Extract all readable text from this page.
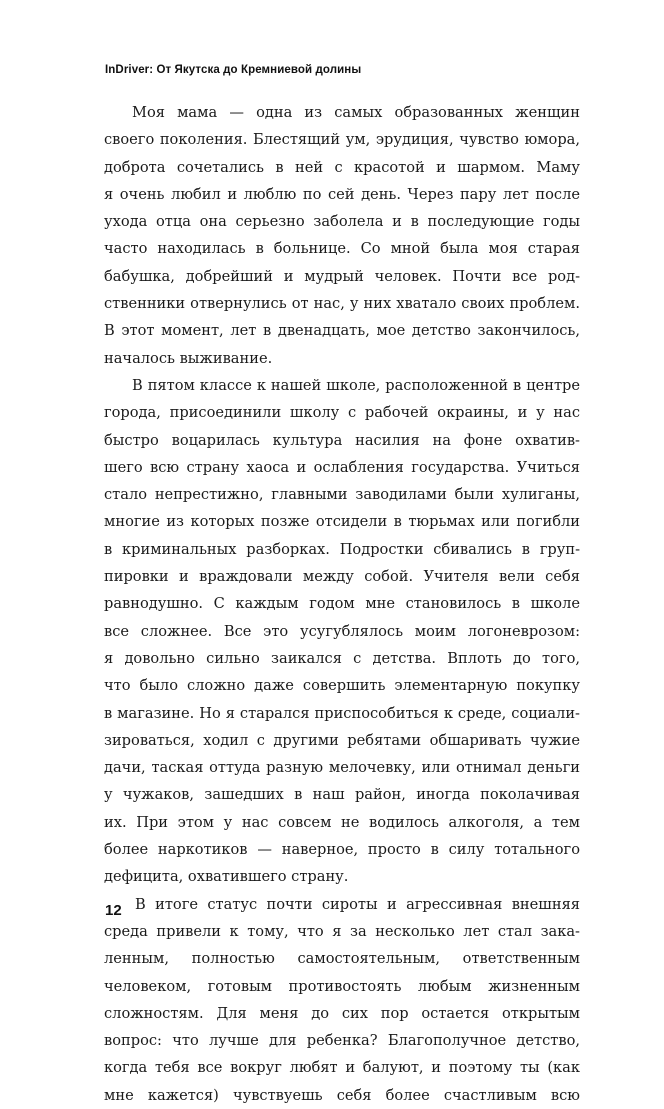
InDriver: От Якутска до Кремниевой долины
Моя мама — одна из самых образованных женщин
своего поколения. Блестящий ум, эрудиция, чувство юмора,
доброта сочетались в ней с красотой и шармом. Маму
я очень любил и люблю по сей день. Через пару лет после
ухода отца она серьезно заболела и в последующие годы
часто находилась в больнице. Со мной была моя старая
бабушка, добрейший и мудрый человек. Почти все род-
ственники отвернулись от нас, у них хватало своих проблем.
В этот момент, лет в двенадцать, мое детство закончилось,
началось выживание.
В пятом классе к нашей школе, расположенной в центре
города, присоединили школу с рабочей окраины, и у нас
быстро воцарилась культура насилия на фоне охватив-
шего всю страну хаоса и ослабления государства. Учиться
стало непрестижно, главными заводилами были хулиганы,
многие из которых позже отсидели в тюрьмах или погибли
в криминальных разборках. Подростки сбивались в груп-
пировки и враждовали между собой. Учителя вели себя
равнодушно. С каждым годом мне становилось в школе
все сложнее. Все это усугублялось моим логоневрозом:
я довольно сильно заикался с детства. Вплоть до того,
что было сложно даже совершить элементарную покупку
в магазине. Но я старался приспособиться к среде, социали-
зироваться, ходил с другими ребятами обшаривать чужие
дачи, таская оттуда разную мелочевку, или отнимал деньги
у чужаков, зашедших в наш район, иногда поколачивая
их. При этом у нас совсем не водилось алкоголя, а тем
более наркотиков — наверное, просто в силу тотального
дефицита, охватившего страну.
В итоге статус почти сироты и агрессивная внешняя
среда привели к тому, что я за несколько лет стал закa-
ленным, полностью самостоятельным, ответственным
человеком, готовым противостоять любым жизненным
сложностям. Для меня до сих пор остается открытым
вопрос: что лучше для ребенка? Благополучное детство,
когда тебя все вокруг любят и балуют, и поэтому ты (как
мне кажется) чувствуешь себя более счастливым всю
12
